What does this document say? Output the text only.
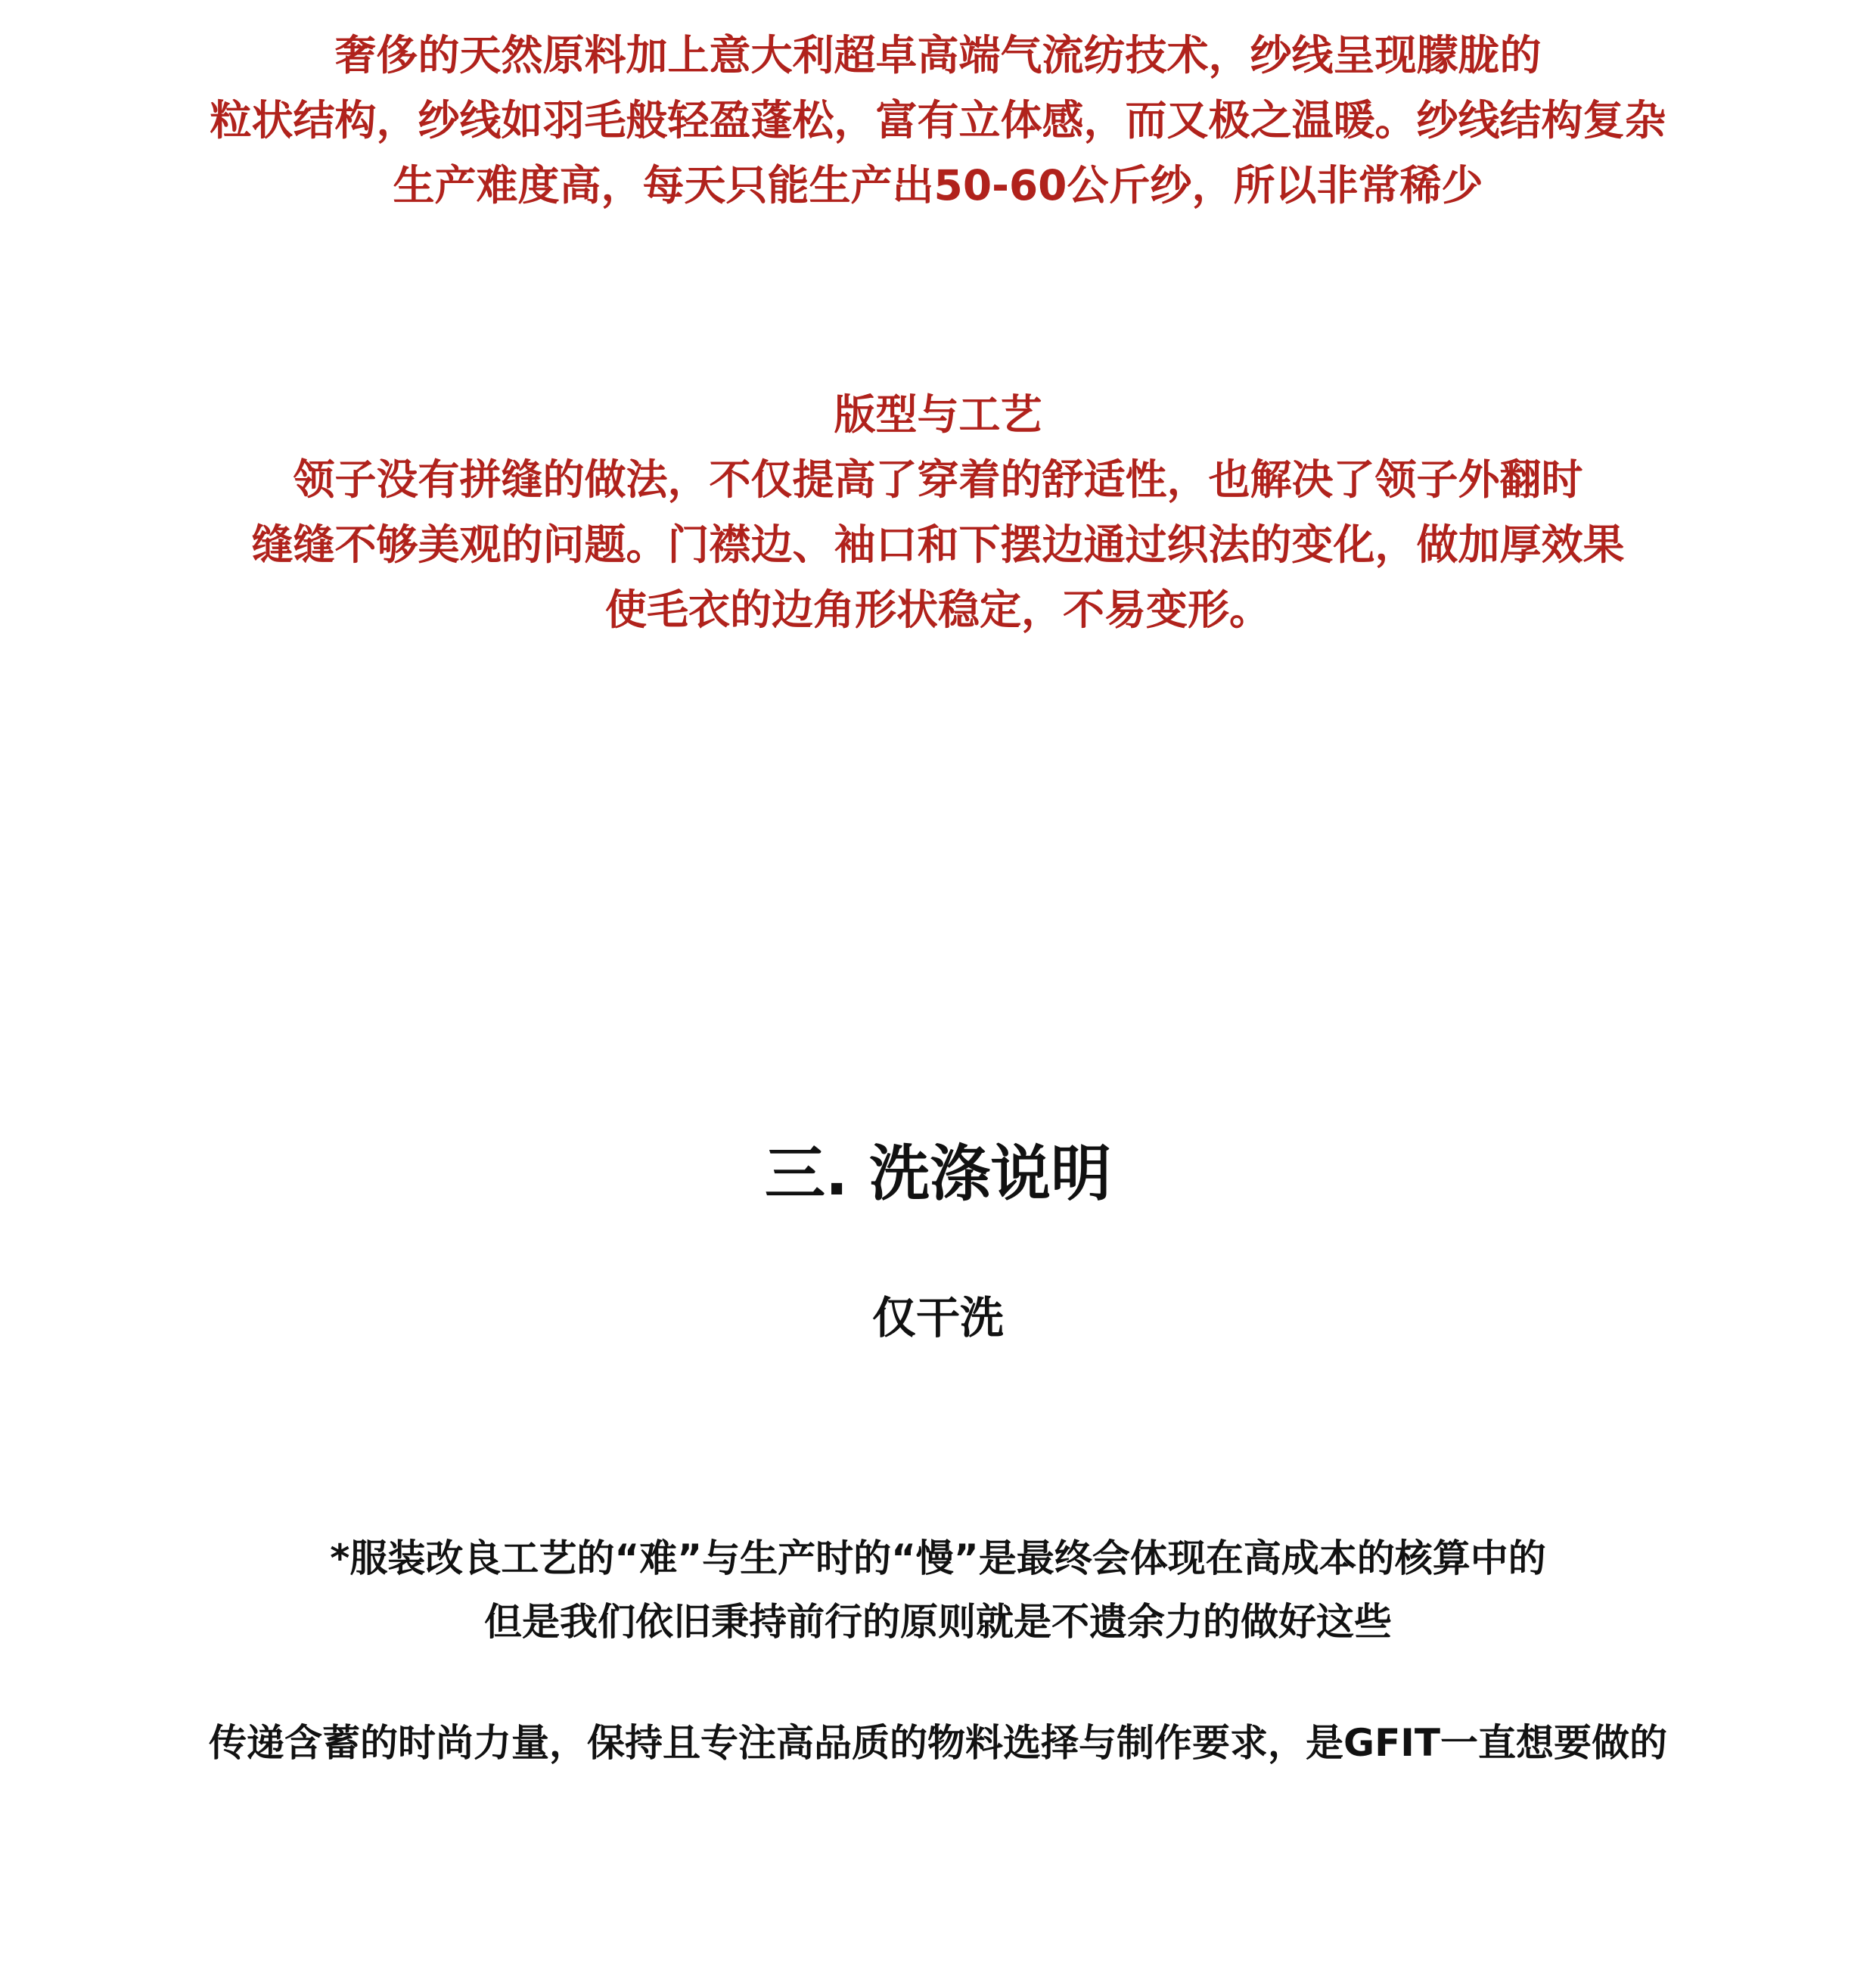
奢侈的天然原料加上意大利超卓高端气流纺技术，纱线呈现朦胧的
粒状结构，纱线如羽毛般轻盈蓬松，富有立体感，而又极之温暖。纱线结构复杂
生产难度高，每天只能生产出50-60公斤纱，所以非常稀少
版型与工艺
领子没有拼缝的做法，不仅提高了穿着的舒适性，也解决了领子外翻时
缝缝不够美观的问题。门襟边、袖口和下摆边通过织法的变化，做加厚效果
使毛衣的边角形状稳定，不易变形。
三. 洗涤说明
仅干洗
*服装改良工艺的“难”与生产时的“慢”是最终会体现在高成本的核算中的
但是我们依旧秉持前行的原则就是不遗余力的做好这些
传递含蓄的时尚力量，保持且专注高品质的物料选择与制作要求，是GFIT一直想要做的
